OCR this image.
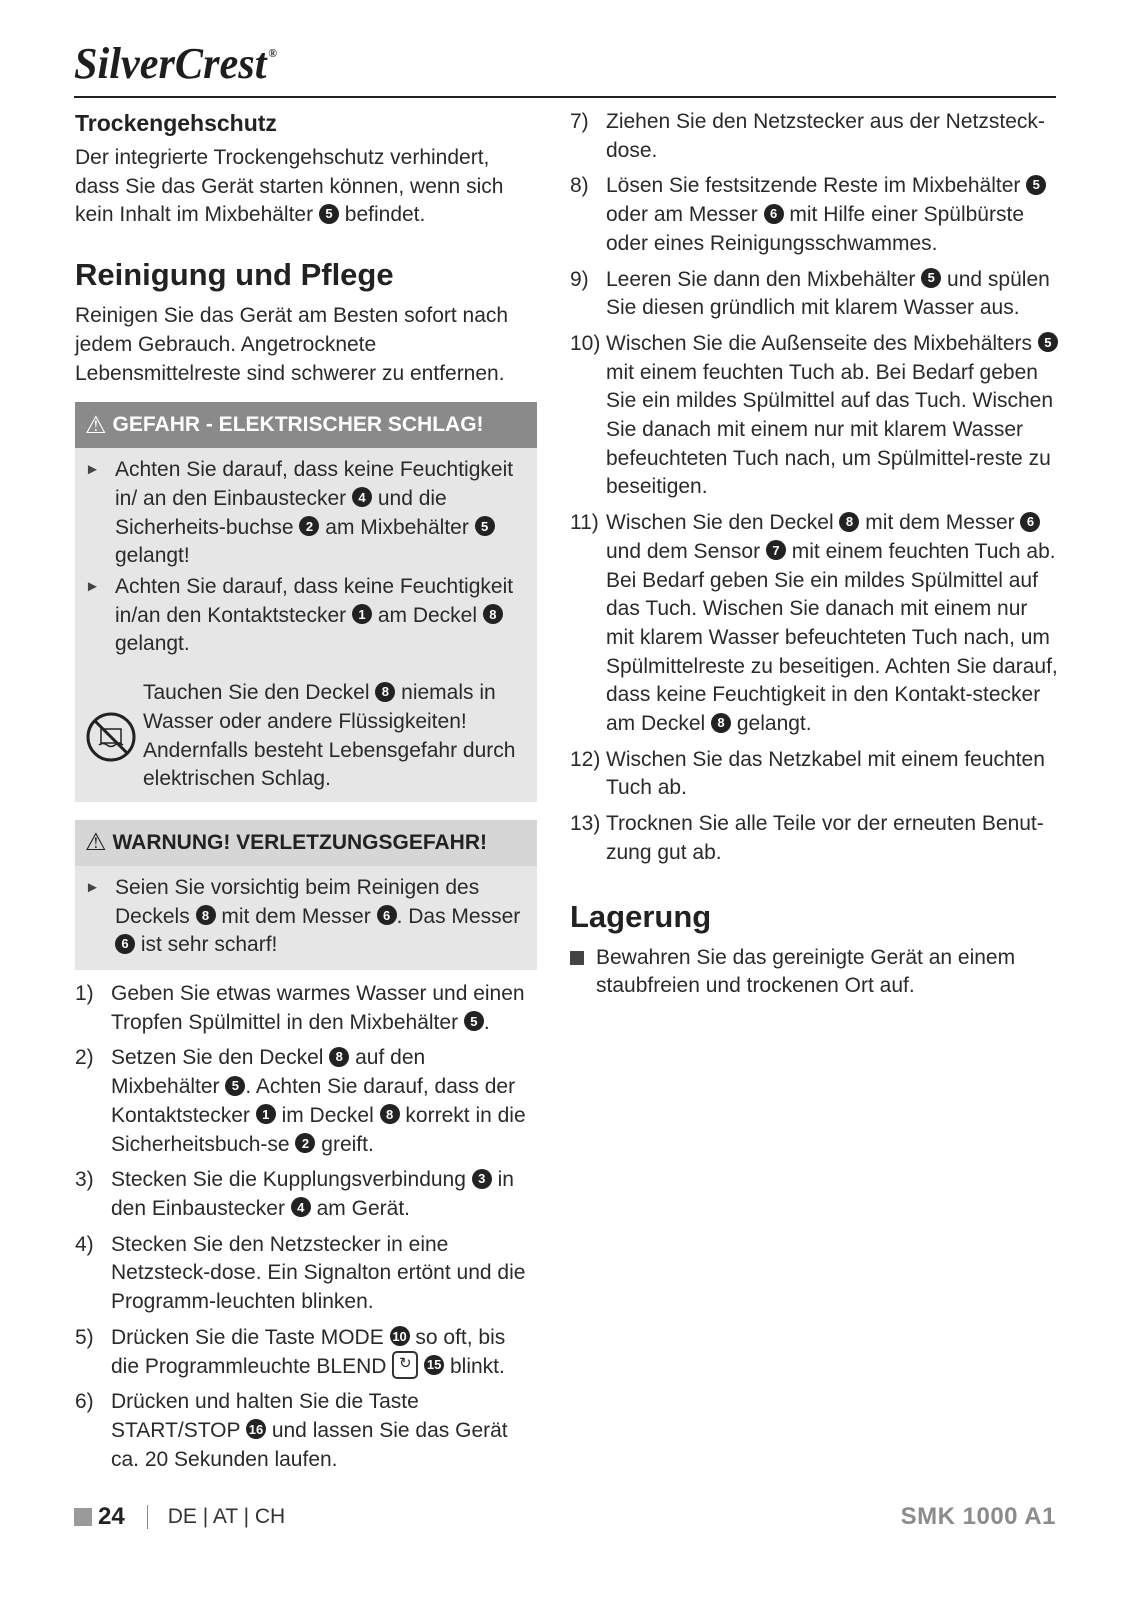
SilverCrest ®
Trockengehschutz

Der integrierte Trockengehschutz verhindert, dass Sie das Gerät starten können, wenn sich kein Inhalt im Mixbehälter 5 befindet.

Reinigung und Pflege

Reinigen Sie das Gerät am Besten sofort nach jedem Gebrauch. Angetrocknete Lebensmittelreste sind schwerer zu entfernen.

⚠ GEFAHR - ELEKTRISCHER SCHLAG!
► Achten Sie darauf, dass keine Feuchtigkeit in/ an den Einbaustecker 4 und die Sicherheits-buchse 2 am Mixbehälter 5 gelangt!
► Achten Sie darauf, dass keine Feuchtigkeit in/an den Kontaktstecker 1 am Deckel 8 gelangt.
Tauchen Sie den Deckel 8 niemals in Wasser oder andere Flüssigkeiten! Andernfalls besteht Lebensgefahr durch elektrischen Schlag.
⚠ WARNUNG! VERLETZUNGSGEFAHR!
► Seien Sie vorsichtig beim Reinigen des Deckels 8 mit dem Messer 6 . Das Messer 6 ist sehr scharf!
1) Geben Sie etwas warmes Wasser und einen Tropfen Spülmittel in den Mixbehälter 5 .
2) Setzen Sie den Deckel 8 auf den Mixbehälter 5 . Achten Sie darauf, dass der Kontaktstecker 1 im Deckel 8 korrekt in die Sicherheitsbuch-se 2 greift.
3) Stecken Sie die Kupplungsverbindung 3 in den Einbaustecker 4 am Gerät.
4) Stecken Sie den Netzstecker in eine Netzsteck-dose. Ein Signalton ertönt und die Programm-leuchten blinken.
5) Drücken Sie die Taste MODE 10 so oft, bis die Programmleuchte BLEND ↻ 15 blinkt.
6) Drücken und halten Sie die Taste START/STOP 16 und lassen Sie das Gerät ca. 20 Sekunden laufen.
7) Ziehen Sie den Netzstecker aus der Netzsteck-dose.
8) Lösen Sie festsitzende Reste im Mixbehälter 5 oder am Messer 6 mit Hilfe einer Spülbürste oder eines Reinigungsschwammes.
9) Leeren Sie dann den Mixbehälter 5 und spülen Sie diesen gründlich mit klarem Wasser aus.
10) Wischen Sie die Außenseite des Mixbehälters 5 mit einem feuchten Tuch ab. Bei Bedarf geben Sie ein mildes Spülmittel auf das Tuch. Wischen Sie danach mit einem nur mit klarem Wasser befeuchteten Tuch nach, um Spülmittel-reste zu beseitigen.
11) Wischen Sie den Deckel 8 mit dem Messer 6 und dem Sensor 7 mit einem feuchten Tuch ab. Bei Bedarf geben Sie ein mildes Spülmittel auf das Tuch. Wischen Sie danach mit einem nur mit klarem Wasser befeuchteten Tuch nach, um Spülmittelreste zu beseitigen. Achten Sie darauf, dass keine Feuchtigkeit in den Kontakt-stecker am Deckel 8 gelangt.
12) Wischen Sie das Netzkabel mit einem feuchten Tuch ab.
13) Trocknen Sie alle Teile vor der erneuten Benut-zung gut ab.
Lagerung
Bewahren Sie das gereinigte Gerät an einem staubfreien und trockenen Ort auf.
24 DE | AT | CH	SMK 1000 A1
